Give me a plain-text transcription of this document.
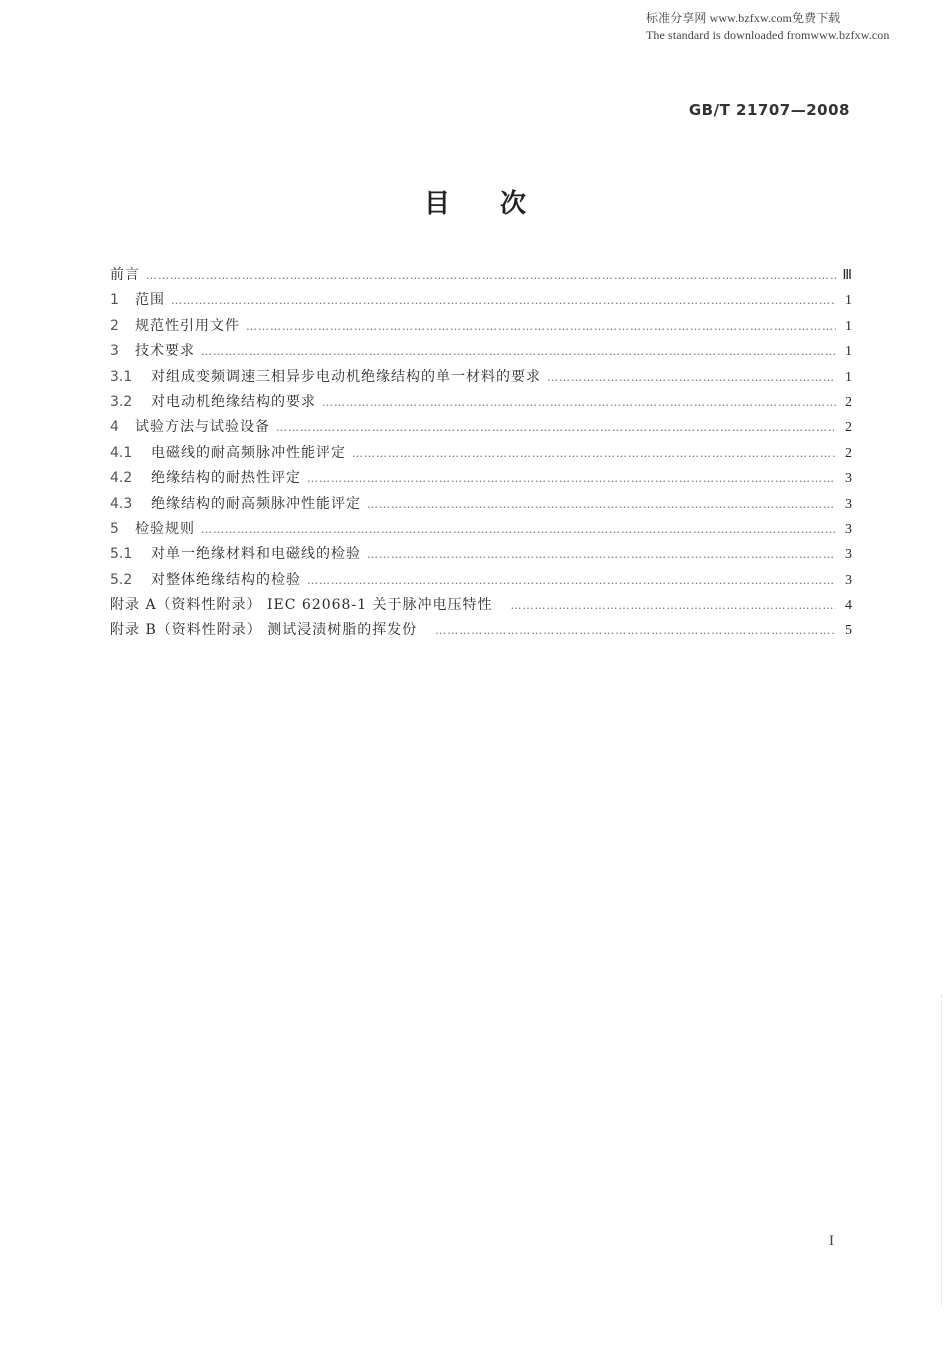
标准分享网 www.bzfxw.com免费下载
The standard is downloaded fromwww.bzfxw.con
GB/T 21707—2008
目次
前言 …………………………………………………………………………………………………………………………………………………………………………………………	Ⅲ
1	范围 …………………………………………………………………………………………………………………………………………………………………………………………	1
2	规范性引用文件 …………………………………………………………………………………………………………………………………………………………………………………………	1
3	技术要求 …………………………………………………………………………………………………………………………………………………………………………………………	1
3.1	对组成变频调速三相异步电动机绝缘结构的单一材料的要求 …………………………………………………………………………………………………………………………………………………………………………………………	1
3.2	对电动机绝缘结构的要求 …………………………………………………………………………………………………………………………………………………………………………………………	2
4	试验方法与试验设备 …………………………………………………………………………………………………………………………………………………………………………………………	2
4.1	电磁线的耐高频脉冲性能评定 …………………………………………………………………………………………………………………………………………………………………………………………	2
4.2	绝缘结构的耐热性评定 …………………………………………………………………………………………………………………………………………………………………………………………	3
4.3	绝缘结构的耐高频脉冲性能评定 …………………………………………………………………………………………………………………………………………………………………………………………	3
5	检验规则 …………………………………………………………………………………………………………………………………………………………………………………………	3
5.1	对单一绝缘材料和电磁线的检验 …………………………………………………………………………………………………………………………………………………………………………………………	3
5.2	对整体绝缘结构的检验 …………………………………………………………………………………………………………………………………………………………………………………………	3
附录 A（资料性附录） IEC 62068-1 关于脉冲电压特性 …………………………………………………………………………………………………………………………………………………………………………………………	4
附录 B（资料性附录） 测试浸渍树脂的挥发份 …………………………………………………………………………………………………………………………………………………………………………………………	5
I
